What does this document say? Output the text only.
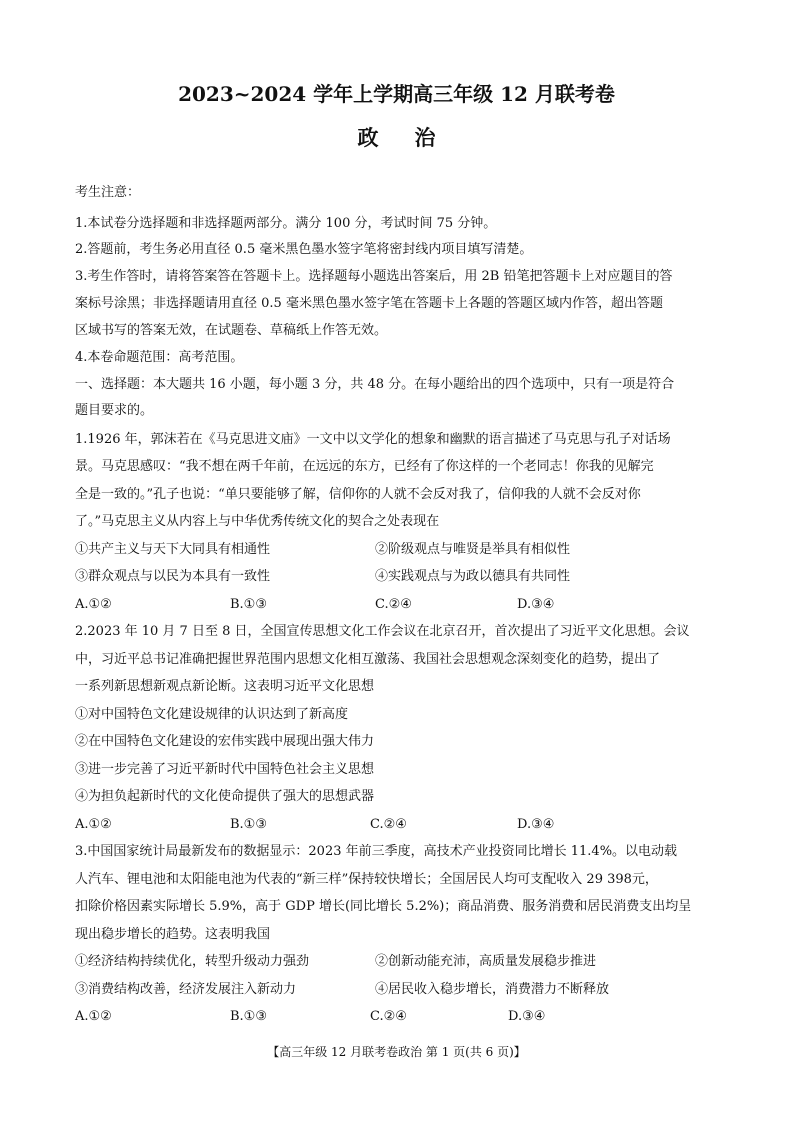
2023~2024 学年上学期高三年级 12 月联考卷
政治
考生注意：
1.本试卷分选择题和非选择题两部分。满分 100 分，考试时间 75 分钟。
2.答题前，考生务必用直径 0.5 毫米黑色墨水签字笔将密封线内项目填写清楚。
3.考生作答时，请将答案答在答题卡上。选择题每小题选出答案后，用 2B 铅笔把答题卡上对应题目的答
案标号涂黑；非选择题请用直径 0.5 毫米黑色墨水签字笔在答题卡上各题的答题区域内作答，超出答题
区域书写的答案无效，在试题卷、草稿纸上作答无效。
4.本卷命题范围：高考范围。
一、选择题：本大题共 16 小题，每小题 3 分，共 48 分。在每小题给出的四个选项中，只有一项是符合
题目要求的。
1.1926 年，郭沫若在《马克思进文庙》一文中以文学化的想象和幽默的语言描述了马克思与孔子对话场
景。马克思感叹：“我不想在两千年前，在远远的东方，已经有了你这样的一个老同志！你我的见解完
全是一致的。”孔子也说：“单只要能够了解，信仰你的人就不会反对我了，信仰我的人就不会反对你
了。”马克思主义从内容上与中华优秀传统文化的契合之处表现在
①共产主义与天下大同具有相通性	②阶级观点与唯贤是举具有相似性
③群众观点与以民为本具有一致性	④实践观点与为政以德具有共同性
A.①②	B.①③	C.②④	D.③④
2.2023 年 10 月 7 日至 8 日，全国宣传思想文化工作会议在北京召开，首次提出了习近平文化思想。会议
中，习近平总书记准确把握世界范围内思想文化相互激荡、我国社会思想观念深刻变化的趋势，提出了
一系列新思想新观点新论断。这表明习近平文化思想
①对中国特色文化建设规律的认识达到了新高度
②在中国特色文化建设的宏伟实践中展现出强大伟力
③进一步完善了习近平新时代中国特色社会主义思想
④为担负起新时代的文化使命提供了强大的思想武器
A.①②	B.①③	C.②④	D.③④
3.中国国家统计局最新发布的数据显示：2023 年前三季度，高技术产业投资同比增长 11.4%。以电动载
人汽车、锂电池和太阳能电池为代表的“新三样”保持较快增长；全国居民人均可支配收入 29 398元，
扣除价格因素实际增长 5.9%，高于 GDP 增长(同比增长 5.2%)；商品消费、服务消费和居民消费支出均呈
现出稳步增长的趋势。这表明我国
①经济结构持续优化，转型升级动力强劲	②创新动能充沛，高质量发展稳步推进
③消费结构改善，经济发展注入新动力	④居民收入稳步增长，消费潜力不断释放
A.①②	B.①③	C.②④	D.③④
【高三年级 12 月联考卷政治 第 1 页(共 6 页)】
